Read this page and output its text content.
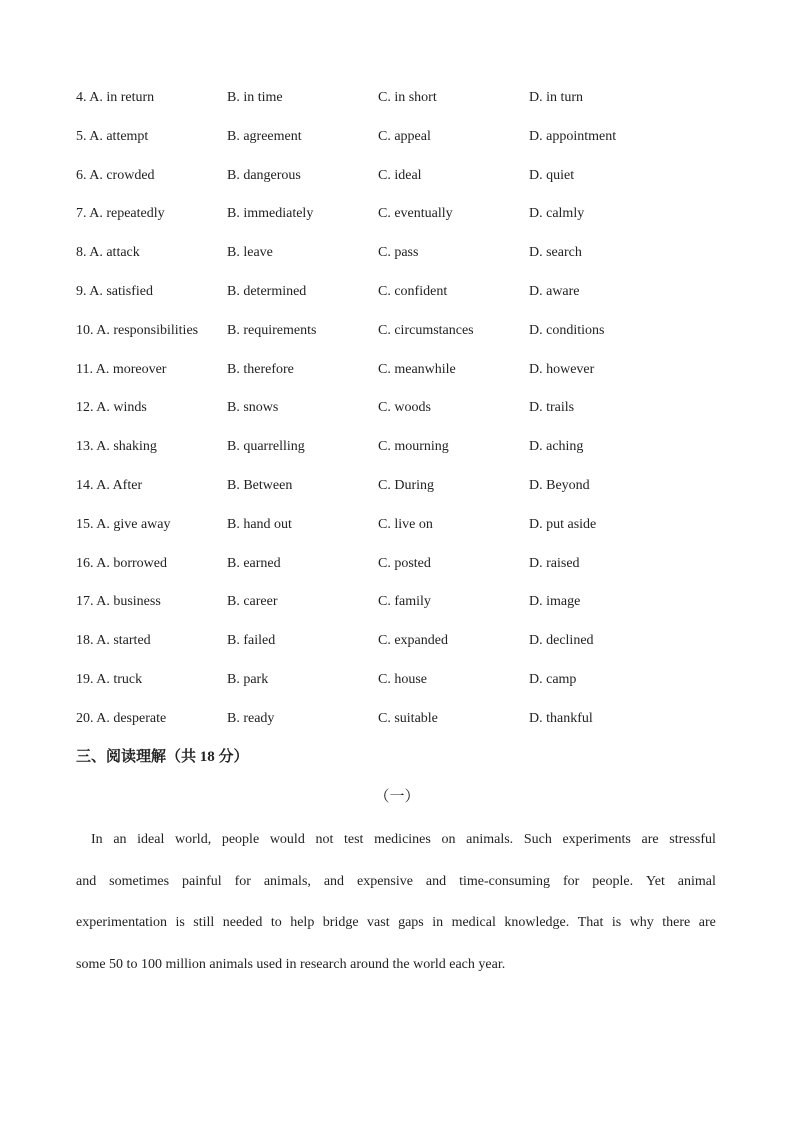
4. A. in return	B. in time	C. in short	D. in turn
5. A. attempt	B. agreement	C. appeal	D. appointment
6. A. crowded	B. dangerous	C. ideal	D. quiet
7. A. repeatedly	B. immediately	C. eventually	D. calmly
8. A. attack	B. leave	C. pass	D. search
9. A. satisfied	B. determined	C. confident	D. aware
10. A. responsibilities B. requirements	C. circumstances	D. conditions
11. A. moreover	B. therefore	C. meanwhile	D. however
12. A. winds	B. snows	C. woods	D. trails
13. A. shaking	B. quarrelling	C. mourning	D. aching
14. A. After	B. Between	C. During	D. Beyond
15. A. give away	B. hand out	C. live on	D. put aside
16. A. borrowed	B. earned	C. posted	D. raised
17. A. business	B. career	C. family	D. image
18. A. started	B. failed	C. expanded	D. declined
19. A. truck	B. park	C. house	D. camp
20. A. desperate	B. ready	C. suitable	D. thankful
三、阅读理解（共 18 分）
（一）
In an ideal world, people would not test medicines on animals. Such experiments are stressful
and sometimes painful for animals, and expensive and time-consuming for people. Yet animal
experimentation is still needed to help bridge vast gaps in medical knowledge. That is why there are
some 50 to 100 million animals used in research around the world each year.
